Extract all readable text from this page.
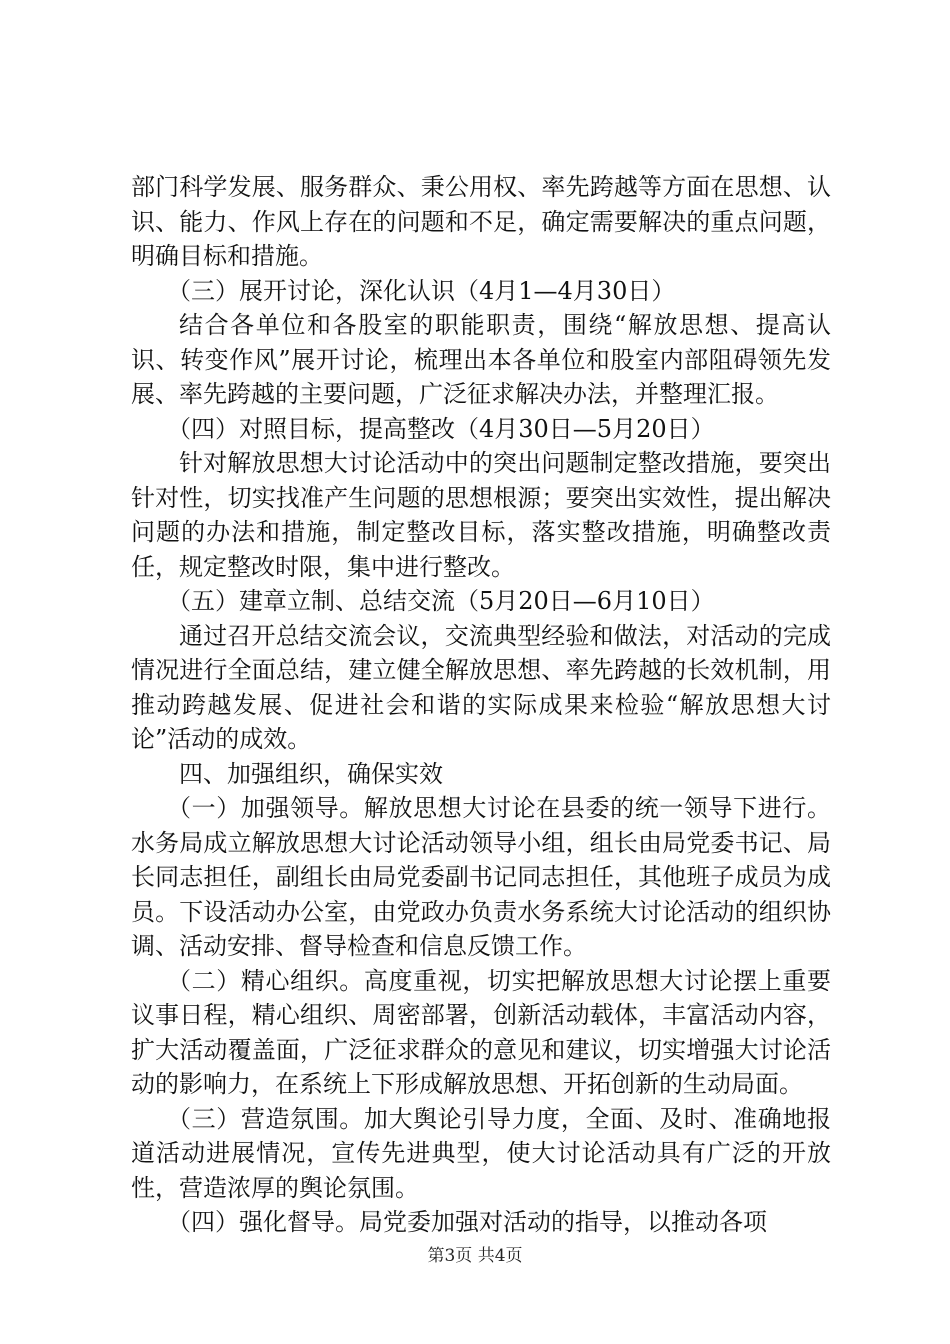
部门科学发展、服务群众、秉公用权、率先跨越等方面在思想、认识、能力、作风上存在的问题和不足，确定需要解决的重点问题，明确目标和措施。

（三）展开讨论，深化认识（4月1—4月30日）

结合各单位和各股室的职能职责，围绕“解放思想、提高认识、转变作风”展开讨论，梳理出本各单位和股室内部阻碍领先发展、率先跨越的主要问题，广泛征求解决办法，并整理汇报。

（四）对照目标，提高整改（4月30日—5月20日）

针对解放思想大讨论活动中的突出问题制定整改措施，要突出针对性，切实找准产生问题的思想根源；要突出实效性，提出解决问题的办法和措施，制定整改目标，落实整改措施，明确整改责任，规定整改时限，集中进行整改。

（五）建章立制、总结交流（5月20日—6月10日）

通过召开总结交流会议，交流典型经验和做法，对活动的完成情况进行全面总结，建立健全解放思想、率先跨越的长效机制，用推动跨越发展、促进社会和谐的实际成果来检验“解放思想大讨论”活动的成效。

四、加强组织，确保实效

（一）加强领导。解放思想大讨论在县委的统一领导下进行。水务局成立解放思想大讨论活动领导小组，组长由局党委书记、局长同志担任，副组长由局党委副书记同志担任，其他班子成员为成员。下设活动办公室，由党政办负责水务系统大讨论活动的组织协调、活动安排、督导检查和信息反馈工作。

（二）精心组织。高度重视，切实把解放思想大讨论摆上重要议事日程，精心组织、周密部署，创新活动载体，丰富活动内容，扩大活动覆盖面，广泛征求群众的意见和建议，切实增强大讨论活动的影响力，在系统上下形成解放思想、开拓创新的生动局面。

（三）营造氛围。加大舆论引导力度，全面、及时、准确地报道活动进展情况，宣传先进典型，使大讨论活动具有广泛的开放性，营造浓厚的舆论氛围。

（四）强化督导。局党委加强对活动的指导，以推动各项

第3页 共4页
